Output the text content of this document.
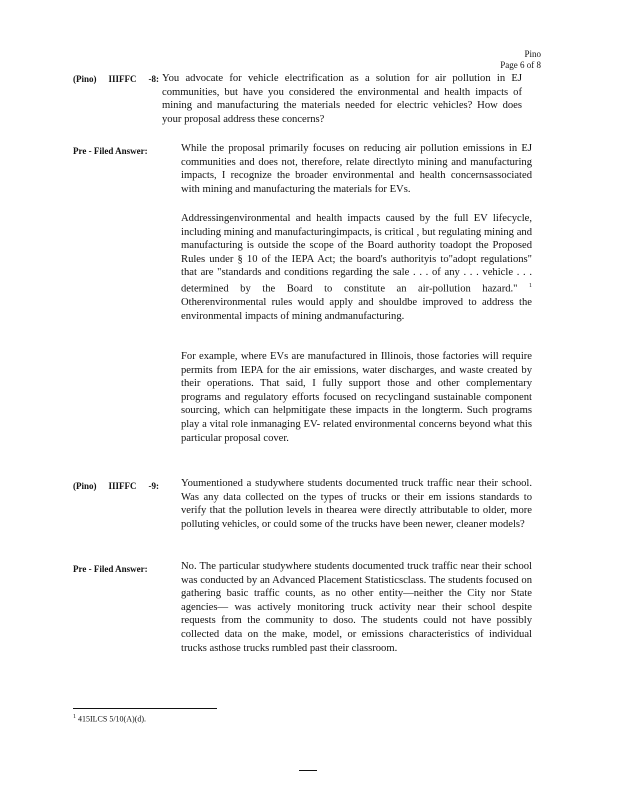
Pino
Page 6 of 8
(Pino) IIIFFC -8: You advocate for vehicle electrification as a solution for air pollution in EJ communities, but have you considered the environmental and health impacts of mining and manufacturing the materials needed for electric vehicles? How does your proposal address these concerns?

Pre - Filed Answer:	While the proposal primarily focuses on reducing air pollution emissions in EJ communities and does not, therefore, relate directlyto mining and manufacturing impacts, I recognize the broader environmental and health concernsassociated with mining and manufacturing the materials for EVs.

Addressingenvironmental and health impacts caused by the full EV lifecycle, including mining and manufacturingimpacts, is critical , but regulating mining and manufacturing is outside the scope of the Board authority toadopt the Proposed Rules under § 10 of the IEPA Act; the board's authorityis to"adopt regulations" that are "standards and conditions regarding the sale . . . of any . . . vehicle . . . determined by the Board to constitute an air-pollution hazard." $^1$ Otherenvironmental rules would apply and shouldbe improved to address the environmental impacts of mining andmanufacturing.

For example, where EVs are manufactured in Illinois, those factories will require permits from IEPA for the air emissions, water discharges, and waste created by their operations. That said, I fully support those and other complementary programs and regulatory efforts focused on recyclingand sustainable component sourcing, which can helpmitigate these impacts in the longterm. Such programs play a vital role inmanaging EV- related environmental concerns beyond what this particular proposal cover.

(Pino) IIIFFC -9: Youmentioned a studywhere students documented truck traffic near their school. Was any data collected on the types of trucks or their em issions standards to verify that the pollution levels in thearea were directly attributable to older, more polluting vehicles, or could some of the trucks have been newer, cleaner models?

Pre - Filed Answer:	No. The particular studywhere students documented truck traffic near their school was conducted by an Advanced Placement Statisticsclass. The students focused on gathering basic traffic counts, as no other entity—neither the City nor State agencies— was actively monitoring truck activity near their school despite requests from the community to doso. The students could not have possibly collected data on the make, model, or emissions characteristics of individual trucks asthose trucks rumbled past their classroom.

$^1$ 415ILCS 5/10(A)(d).
